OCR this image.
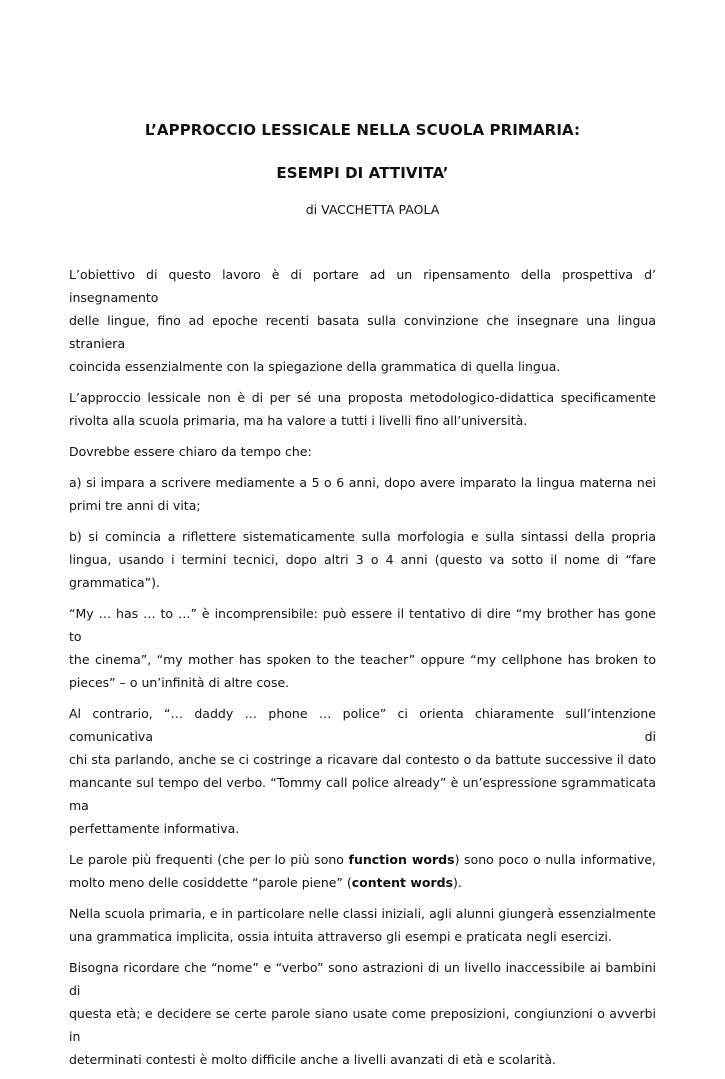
L’APPROCCIO LESSICALE NELLA SCUOLA PRIMARIA:
ESEMPI DI ATTIVITA’
di VACCHETTA PAOLA
L’obiettivo di questo lavoro è di portare ad un ripensamento della prospettiva d’ insegnamento
delle lingue, fino ad epoche recenti basata sulla convinzione che insegnare una lingua straniera
coincida essenzialmente con la spiegazione della grammatica di quella lingua.
L’approccio lessicale non è di per sé una proposta metodologico-didattica specificamente
rivolta alla scuola primaria, ma ha valore a tutti i livelli fino all’università.
Dovrebbe essere chiaro da tempo che:
a) si impara a scrivere mediamente a 5 o 6 anni, dopo avere imparato la lingua materna nei
primi tre anni di vita;
b) si comincia a riflettere sistematicamente sulla morfologia e sulla sintassi della propria
lingua, usando i termini tecnici, dopo altri 3 o 4 anni (questo va sotto il nome di “fare
grammatica”).
“My … has … to …” è incomprensibile: può essere il tentativo di dire “my brother has gone to
the cinema”, “my mother has spoken to the teacher” oppure “my cellphone has broken to
pieces” – o un’infinità di altre cose.
Al contrario, “… daddy … phone … police” ci orienta chiaramente sull’intenzione comunicativa di
chi sta parlando, anche se ci costringe a ricavare dal contesto o da battute successive il dato
mancante sul tempo del verbo. “Tommy call police already” è un’espressione sgrammaticata ma
perfettamente informativa.
Le parole più frequenti (che per lo più sono function words) sono poco o nulla informative,
molto meno delle cosiddette “parole piene” (content words).
Nella scuola primaria, e in particolare nelle classi iniziali, agli alunni giungerà essenzialmente
una grammatica implicita, ossia intuita attraverso gli esempi e praticata negli esercizi.
Bisogna ricordare che “nome” e “verbo” sono astrazioni di un livello inaccessibile ai bambini di
questa età; e decidere se certe parole siano usate come preposizioni, congiunzioni o avverbi in
determinati contesti è molto difficile anche a livelli avanzati di età e scolarità.
